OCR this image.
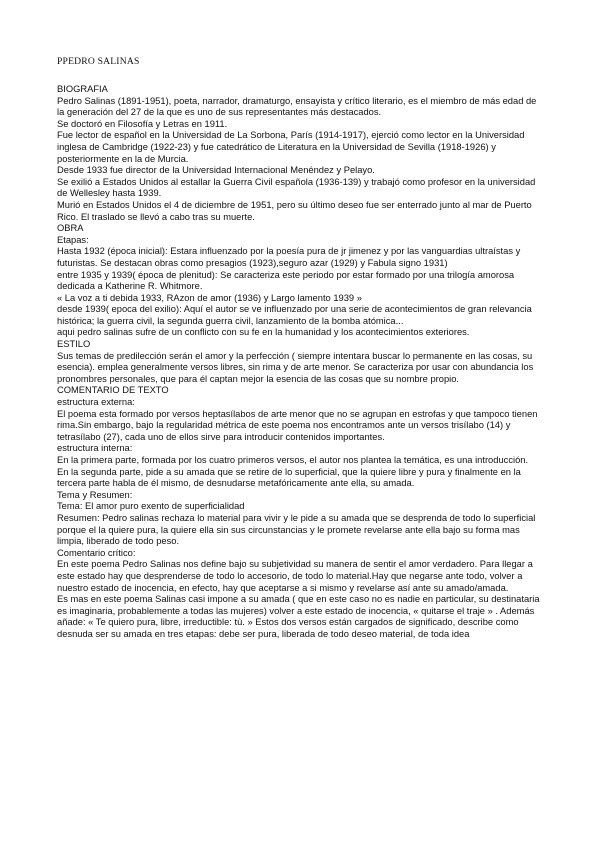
PPEDRO SALINAS

BIOGRAFIA

Pedro Salinas (1891-1951), poeta, narrador, dramaturgo, ensayista y crítico literario, es el miembro de más edad de la generación del 27 de la que es uno de sus representantes más destacados.

Se doctoró en Filosofía y Letras en 1911.

Fue lector de español en la Universidad de La Sorbona, París (1914-1917), ejerció como lector en la Universidad inglesa de Cambridge (1922-23) y fue catedrático de Literatura en la Universidad de Sevilla (1918-1926) y posteriormente en la de Murcia.

Desde 1933 fue director de la Universidad Internacional Menéndez y Pelayo.

Se exilió a Estados Unidos al estallar la Guerra Civil española (1936-139) y trabajó como profesor en la universidad de Wellesley hasta 1939.

Murió en Estados Unidos el 4 de diciembre de 1951, pero su último deseo fue ser enterrado junto al mar de Puerto Rico. El traslado se llevó a cabo tras su muerte.

OBRA

Etapas:

Hasta 1932 (época inicial): Estara influenzado por la poesía pura de jr jimenez y por las vanguardias ultraístas y futuristas. Se destacan obras como presagios (1923),seguro azar (1929) y Fabula signo 1931)

entre 1935 y 1939( época de plenitud): Se caracteriza este periodo por estar formado por una trilogía amorosa dedicada a Katherine R. Whitmore.

« La voz a ti debida 1933, RAzon de amor (1936) y Largo lamento 1939 »

desde 1939( epoca del exilio): Aquí el autor se ve influenzado por una serie de acontecimientos de gran relevancia histórica; la guerra civil, la segunda guerra civil, lanzamiento de la bomba atómica...

aqui pedro salinas sufre de un conflicto con su fe en la humanidad y los acontecimientos exteriores.

ESTILO

Sus temas de predilección serán el amor y la perfección ( siempre intentara buscar lo permanente en las cosas, su esencia). emplea generalmente versos libres, sin rima y de arte menor. Se caracteriza por usar con abundancia los pronombres personales, que para él captan mejor la esencia de las cosas que su nombre propio.

COMENTARIO DE TEXTO

estructura externa:

El poema esta formado por versos heptasílabos de arte menor que no se agrupan en estrofas y que tampoco tienen rima.Sin embargo, bajo la regularidad métrica de este poema nos encontramos ante un versos trisílabo (14) y tetrasílabo (27), cada uno de ellos sirve para introducir contenidos importantes.

estructura interna:

En la primera parte, formada por los cuatro primeros versos, el autor nos plantea la temática, es una introducción.

En la segunda parte, pide a su amada que se retire de lo superficial, que la quiere libre y pura y finalmente en la tercera parte habla de él mismo, de desnudarse metafóricamente ante ella, su amada.

Tema y Resumen:

Tema: El amor puro exento de superficialidad

Resumen: Pedro salinas rechaza lo material para vivir y le pide a su amada que se desprenda de todo lo superficial porque el la quiere pura, la quiere ella sin sus circunstancias y le promete revelarse ante ella bajo su forma mas limpia, liberado de todo peso.

Comentario crítico:

En este poema Pedro Salinas nos define bajo su subjetividad su manera de sentir el amor verdadero. Para llegar a este estado hay que desprenderse de todo lo accesorio, de todo lo material.Hay que negarse ante todo, volver a nuestro estado de inocencia, en efecto, hay que aceptarse a si mismo y revelarse así ante su amado/amada.

Es mas en este poema Salinas casi impone a su amada ( que en este caso no es nadie en particular, su destinataria es imaginaria, probablemente a todas las mujeres) volver a este estado de inocencia, « quitarse el traje » . Además añade: « Te quiero pura, libre, irreductible: tù. » Estos dos versos están cargados de significado, describe como desnuda ser su amada en tres etapas: debe ser pura, liberada de todo deseo material, de toda idea
